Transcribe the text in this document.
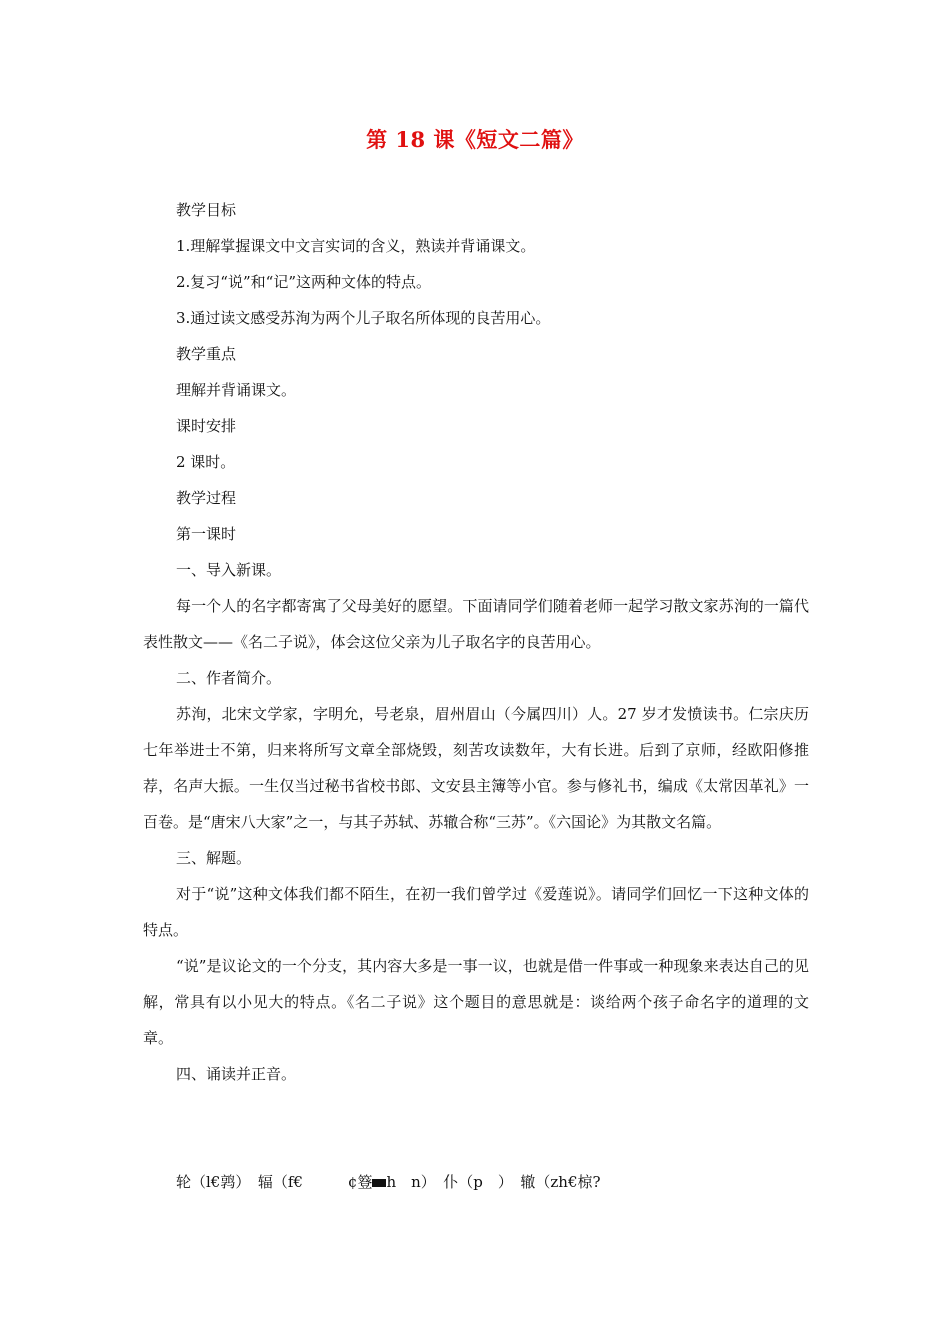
第 18 课《短文二篇》

教学目标

1.理解掌握课文中文言实词的含义，熟读并背诵课文。

2.复习“说”和“记”这两种文体的特点。

3.通过读文感受苏洵为两个儿子取名所体现的良苦用心。

教学重点

理解并背诵课文。

课时安排

2 课时。

教学过程

第一课时

一、导入新课。

每一个人的名字都寄寓了父母美好的愿望。下面请同学们随着老师一起学习散文家苏洵的一篇代表性散文——《名二子说》，体会这位父亲为儿子取名字的良苦用心。

二、作者简介。

苏洵，北宋文学家，字明允，号老泉，眉州眉山（今属四川）人。27 岁才发愤读书。仁宗庆历七年举进士不第，归来将所写文章全部烧毁，刻苦攻读数年，大有长进。后到了京师，经欧阳修推荐，名声大振。一生仅当过秘书省校书郎、文安县主簿等小官。参与修礼书，编成《太常因革礼》一百卷。是“唐宋八大家”之一，与其子苏轼、苏辙合称“三苏”。《六国论》为其散文名篇。

三、解题。

对于“说”这种文体我们都不陌生，在初一我们曾学过《爱莲说》。请同学们回忆一下这种文体的特点。

“说”是议论文的一个分支，其内容大多是一事一议，也就是借一件事或一种现象来表达自己的见解，常具有以小见大的特点。《名二子说》这个题目的意思就是：谈给两个孩子命名字的道理的文章。

四、诵读并正音。

轮（l€鹑）　辐（f€　　　¢簦 h　n）　仆（p　）　辙（zh€椋?
